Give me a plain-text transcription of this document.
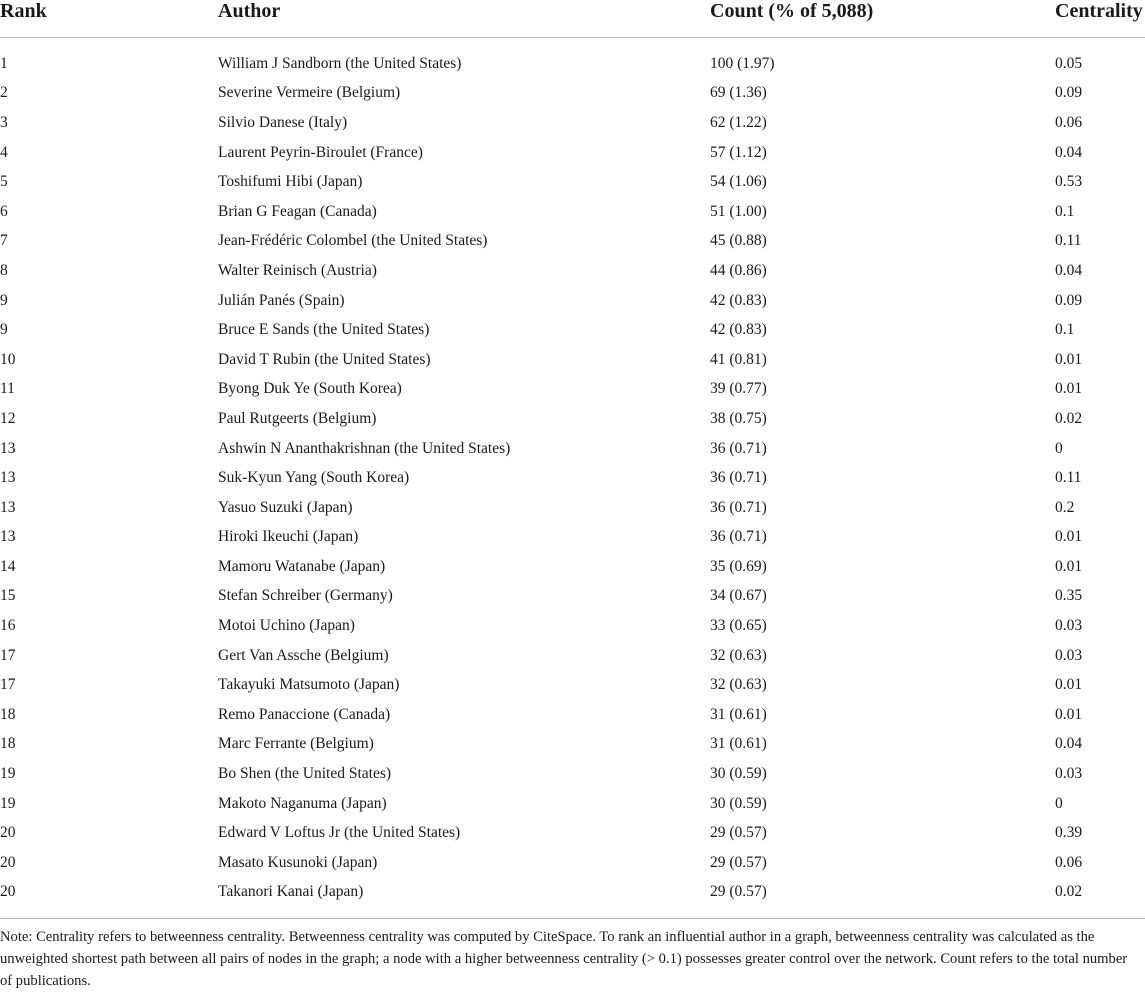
Rank	Author	Count (% of 5,088)	Centrality

1	William J Sandborn (the United States)	100 (1.97)	0.05
2	Severine Vermeire (Belgium)	69 (1.36)	0.09
3	Silvio Danese (Italy)	62 (1.22)	0.06
4	Laurent Peyrin-Biroulet (France)	57 (1.12)	0.04
5	Toshifumi Hibi (Japan)	54 (1.06)	0.53
6	Brian G Feagan (Canada)	51 (1.00)	0.1
7	Jean-Frédéric Colombel (the United States)	45 (0.88)	0.11
8	Walter Reinisch (Austria)	44 (0.86)	0.04
9	Julián Panés (Spain)	42 (0.83)	0.09
9	Bruce E Sands (the United States)	42 (0.83)	0.1
10	David T Rubin (the United States)	41 (0.81)	0.01
11	Byong Duk Ye (South Korea)	39 (0.77)	0.01
12	Paul Rutgeerts (Belgium)	38 (0.75)	0.02
13	Ashwin N Ananthakrishnan (the United States)	36 (0.71)	0
13	Suk-Kyun Yang (South Korea)	36 (0.71)	0.11
13	Yasuo Suzuki (Japan)	36 (0.71)	0.2
13	Hiroki Ikeuchi (Japan)	36 (0.71)	0.01
14	Mamoru Watanabe (Japan)	35 (0.69)	0.01
15	Stefan Schreiber (Germany)	34 (0.67)	0.35
16	Motoi Uchino (Japan)	33 (0.65)	0.03
17	Gert Van Assche (Belgium)	32 (0.63)	0.03
17	Takayuki Matsumoto (Japan)	32 (0.63)	0.01
18	Remo Panaccione (Canada)	31 (0.61)	0.01
18	Marc Ferrante (Belgium)	31 (0.61)	0.04
19	Bo Shen (the United States)	30 (0.59)	0.03
19	Makoto Naganuma (Japan)	30 (0.59)	0
20	Edward V Loftus Jr (the United States)	29 (0.57)	0.39
20	Masato Kusunoki (Japan)	29 (0.57)	0.06
20	Takanori Kanai (Japan)	29 (0.57)	0.02
Note: Centrality refers to betweenness centrality. Betweenness centrality was computed by CiteSpace. To rank an influential author in a graph, betweenness centrality was calculated as the unweighted shortest path between all pairs of nodes in the graph; a node with a higher betweenness centrality (> 0.1) possesses greater control over the network. Count refers to the total number of publications.
